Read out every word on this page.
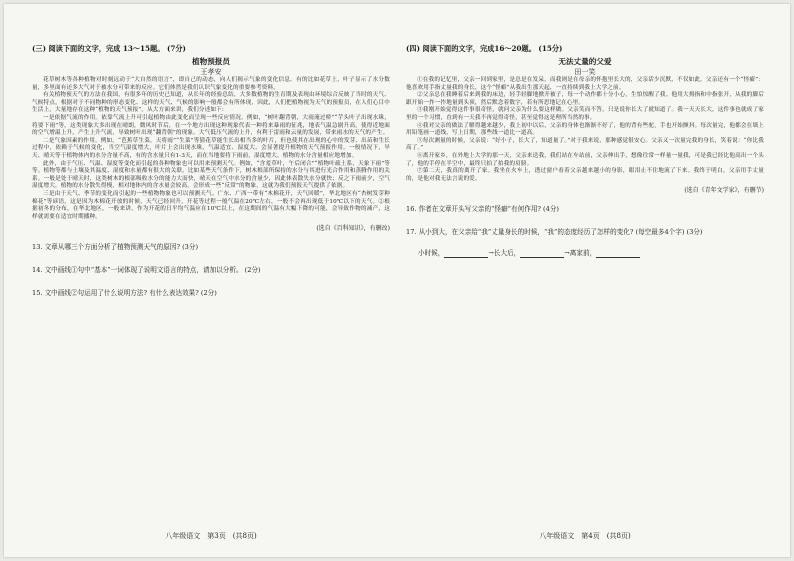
(三) 阅读下面的文字，完成 13～15题。 (7分)
植物预报员
王孝安

花草树木等各种植物对时刻远动于“大自然的语言”，即自己的动态，向人们揭示气象的变化信息。有的比如花草上，叶子显示了水分数量，多里面有还多大气对于被水分可带来的反应。它们体然是我们认识气象变化的重要参考资料。

有关植物预天气的方法在我国，有很多年的历史已知道，从长年的经验总结，大多数植物的生育期及表现由环境综合反映了当时的天气、气候特点，根据对于不同物种的形态变化、这样的天气、气候的影响一般都会有所体现，因此，人们把植物视为天气的预报员，在人们心目中生活上，大量地存在这种“植物的天气预报”。从大方面来讲，我们分述如下:

一是依据气流的作用。依靠气流上升可引起植物由此变化而呈现一些反应情况。例如，“树叶翻背朝，大雨淹过桥”“芋头叶子出现水珠，将要下雨”等，这类现象大多出现在晴朗，微风时节后，在一个地方出现这种现象代表一种将来暴雨的征兆，地表气温急剧升高，使得近地面的空气增温上升，产生上升气流，导致树叶出现“翻背朝”的现象。大气低压气流的上升，有利于雷雨和云量的发展，带来雨水的天气的产生。

二是气象因素的作用。例如，“芭蕉草生菜，天将雨”“生菜”等猜花草能生长出相当多的叶片，但也使其在出现的心中的发芽、出苗和生长过程中，依赖于气候的变化，当空气湿度增大，叶片上会出现水珠，气温适宜、湿度大、会显著提升植物的天气预报作用。一般情况下，旱天、晴天等于植物体内的水分含量不高，有的含水量只有1-3天，而在当地要将下雨前，湿度增大，植物的水分含量相应地增加。

此外，由于气压、气温、湿度等变化而引起的各种物象也可以用来预测天气。例如，“含羞草叶，午后闭合”“植物叶疏土系，天象下雨”等等。植物等都与土壤及其温度、湿度和水量都有很大的关联。比如某些天气条件下，树木根部所保持的水分与其进行光合作用和蒸腾作用的关系。一般是处于晴天时，这类树木的根部吸收水分的能力大而快，晴天在空气中水分的含量少，因此体表散失水分就快；反之下雨前夕，空气湿度增大，植物的水分散失得慢，相对地体内的含水量会较高，会形成一些“反常”的物象，这就为我们预报天气提供了依据。

三是由于天气、季节的变化而引起的一些植物物象也可以预测天气。广东、广西一带有“木棉花开，天气回暖”，华北地区有“杏树发芽种棉花”等谚语，这是因为木棉花开放的时候，天气已经回升，开花等过程一般气温在20℃左右，一般不会再出现低于10℃以下的天气。②根据初冬的分布，在华北地区，一般来讲，作为开花的日平均气温应在10℃以上，在这期间的气温有大幅下降的可能，会导致作物的减产，这样就需要在适宜时期播种。

(选自《百科知识》，有删改)
13. 文章从哪三个方面分析了植物预测天气的原因? (3分)
14. 文中画线①句中“基本”一词体现了说明文语言的特点，请加以分析。 (2分)
15. 文中画线②句运用了什么说明方法? 有什么表达效果? (2分)
(四) 阅读下面的文字，完成16～20题。 (15分)
无法丈量的父爱
田一笑

①在我的记忆里，父亲一回到家里，是总是在发呆，而我则是在母亲的怀抱里长大的，父亲话少沉默，不仅如此，父亲还有一个“怪癖”：他喜欢用手指丈量我的身长，这个“怪癖”从我出生那天起，一直持续到我上大学之前。

②父亲总在我睡着后来到我的床边，轻手轻脚地掀开被子，每一个动作都十分小心，生怕惊醒了我。他用大拇指和中指张开，从我的脚后跟开始一拃一拃地量到头顶，然后默念着数字，若有所思地记在心里。

③我刚开始觉得这件事很奇怪，就问父亲为什么要这样做。父亲笑而不答，只是说你长大了就知道了。我一天天长大，这件事也就成了家里的一个习惯，直到有一天我不再觉得奇怪，甚至觉得这是理所当然的事。

④我对父亲的做法了解得越来越少，我上初中以后，父亲的身体也渐渐不好了，他的背有些驼，手也开始颤抖。每次量完，他都会在墙上用铅笔画一道线，写上日期，那些线一道比一道高。

⑤每次测量的时候，父亲说：“好小子，长大了，知道量了。”对于我来说，那种感觉很安心。父亲又一次量完我的身长，笑着说：“你比我高了。”

⑥离开家乡，在外地上大学的那一天，父亲来送我，我们站在车站前，父亲伸出手，想像往常一样量一量我，可是我已经比他高出一个头了，他的手停在半空中，最终只拍了拍我的肩膀。

⑦第二天，我真的离开了家。我坐在火车上，透过窗户看着父亲越来越小的身影，眼泪止不住地流了下来。我终于明白，父亲用手丈量的，是他对我无法言说的爱。

(选自《青年文学家》，有删节)
16. 作者在文章开头写父亲的“怪癖”有何作用? (4分)
17. 从小到大，在父亲给“我”丈量身长的时候，“我”的态度经历了怎样的变化? (每空最多4个字) (3分)
小时候，	→长大后，	→离家前，
八年级语文　第3页　(共8页)	八年级语文　第4页　(共8页)
